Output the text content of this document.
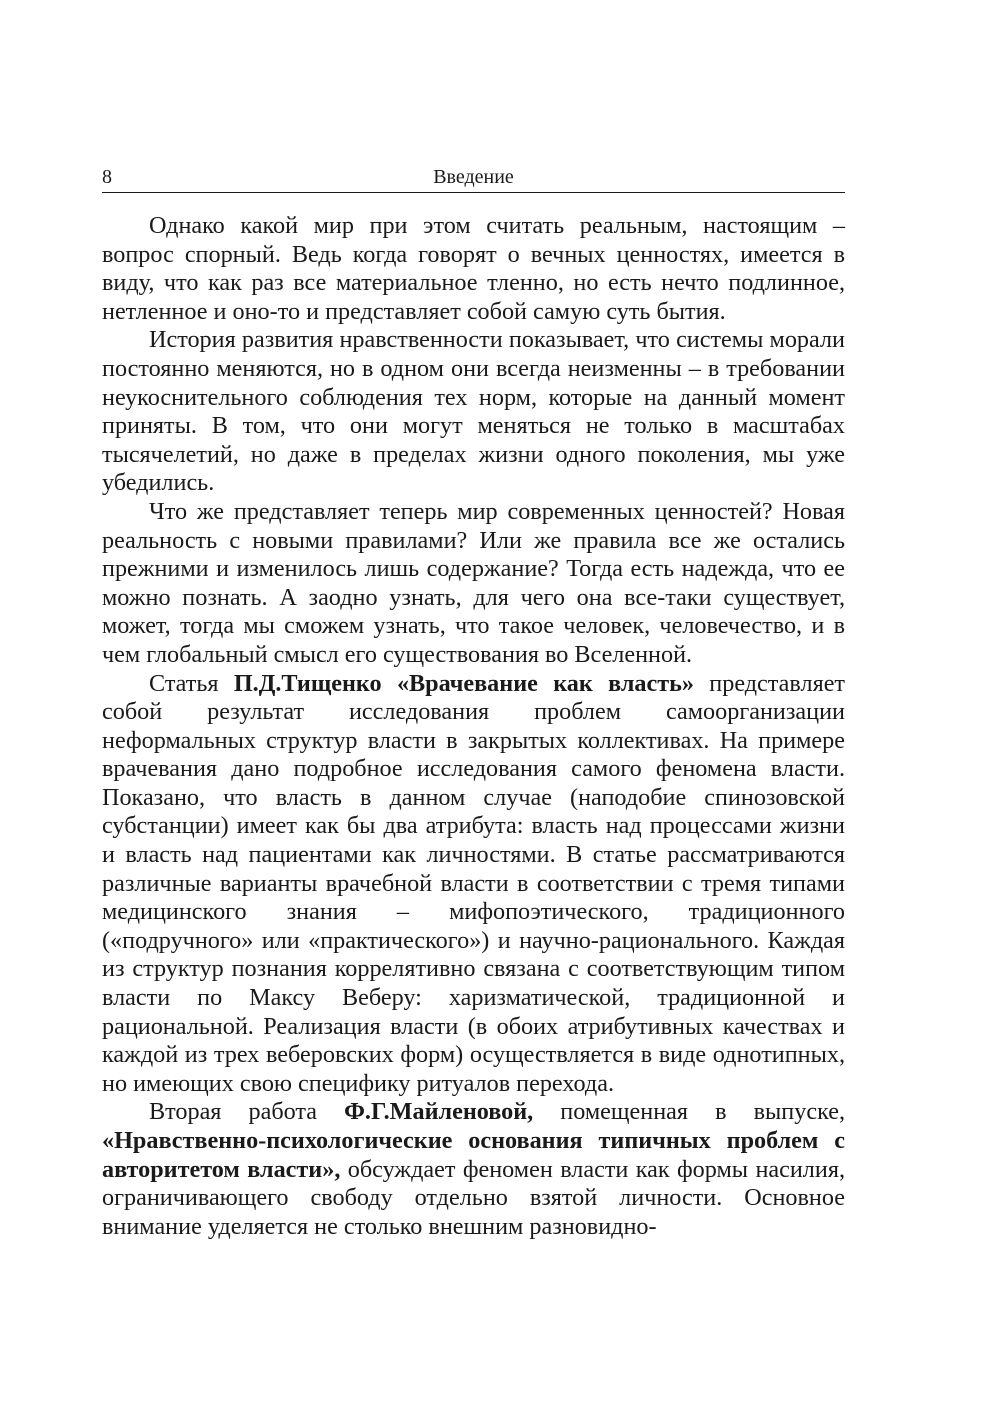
8	Введение

Однако какой мир при этом считать реальным, настоящим – вопрос спорный. Ведь когда говорят о вечных ценностях, имеется в виду, что как раз все материальное тленно, но есть нечто подлинное, нетленное и оно-то и представляет собой самую суть бытия.

История развития нравственности показывает, что системы морали постоянно меняются, но в одном они всегда неизменны – в требовании неукоснительного соблюдения тех норм, которые на данный момент приняты. В том, что они могут меняться не только в масштабах тысячелетий, но даже в пределах жизни одного поколения, мы уже убедились.

Что же представляет теперь мир современных ценностей? Новая реальность с новыми правилами? Или же правила все же остались прежними и изменилось лишь содержание? Тогда есть надежда, что ее можно познать. А заодно узнать, для чего она все-таки существует, может, тогда мы сможем узнать, что такое человек, человечество, и в чем глобальный смысл его существования во Вселенной.

Статья П.Д.Тищенко «Врачевание как власть» представляет собой результат исследования проблем самоорганизации неформальных структур власти в закрытых коллективах. На примере врачевания дано подробное исследования самого феномена власти. Показано, что власть в данном случае (наподобие спинозовской субстанции) имеет как бы два атрибута: власть над процессами жизни и власть над пациентами как личностями. В статье рассматриваются различные варианты врачебной власти в соответствии с тремя типами медицинского знания – мифопоэтического, традиционного («подручного» или «практического») и научно-рационального. Каждая из структур познания коррелятивно связана с соответствующим типом власти по Максу Веберу: харизматической, традиционной и рациональной. Реализация власти (в обоих атрибутивных качествах и каждой из трех веберовских форм) осуществляется в виде однотипных, но имеющих свою специфику ритуалов перехода.

Вторая работа Ф.Г.Майленовой, помещенная в выпуске, «Нравственно-психологические основания типичных проблем с авторитетом власти», обсуждает феномен власти как формы насилия, ограничивающего свободу отдельно взятой личности. Основное внимание уделяется не столько внешним разновидно-
